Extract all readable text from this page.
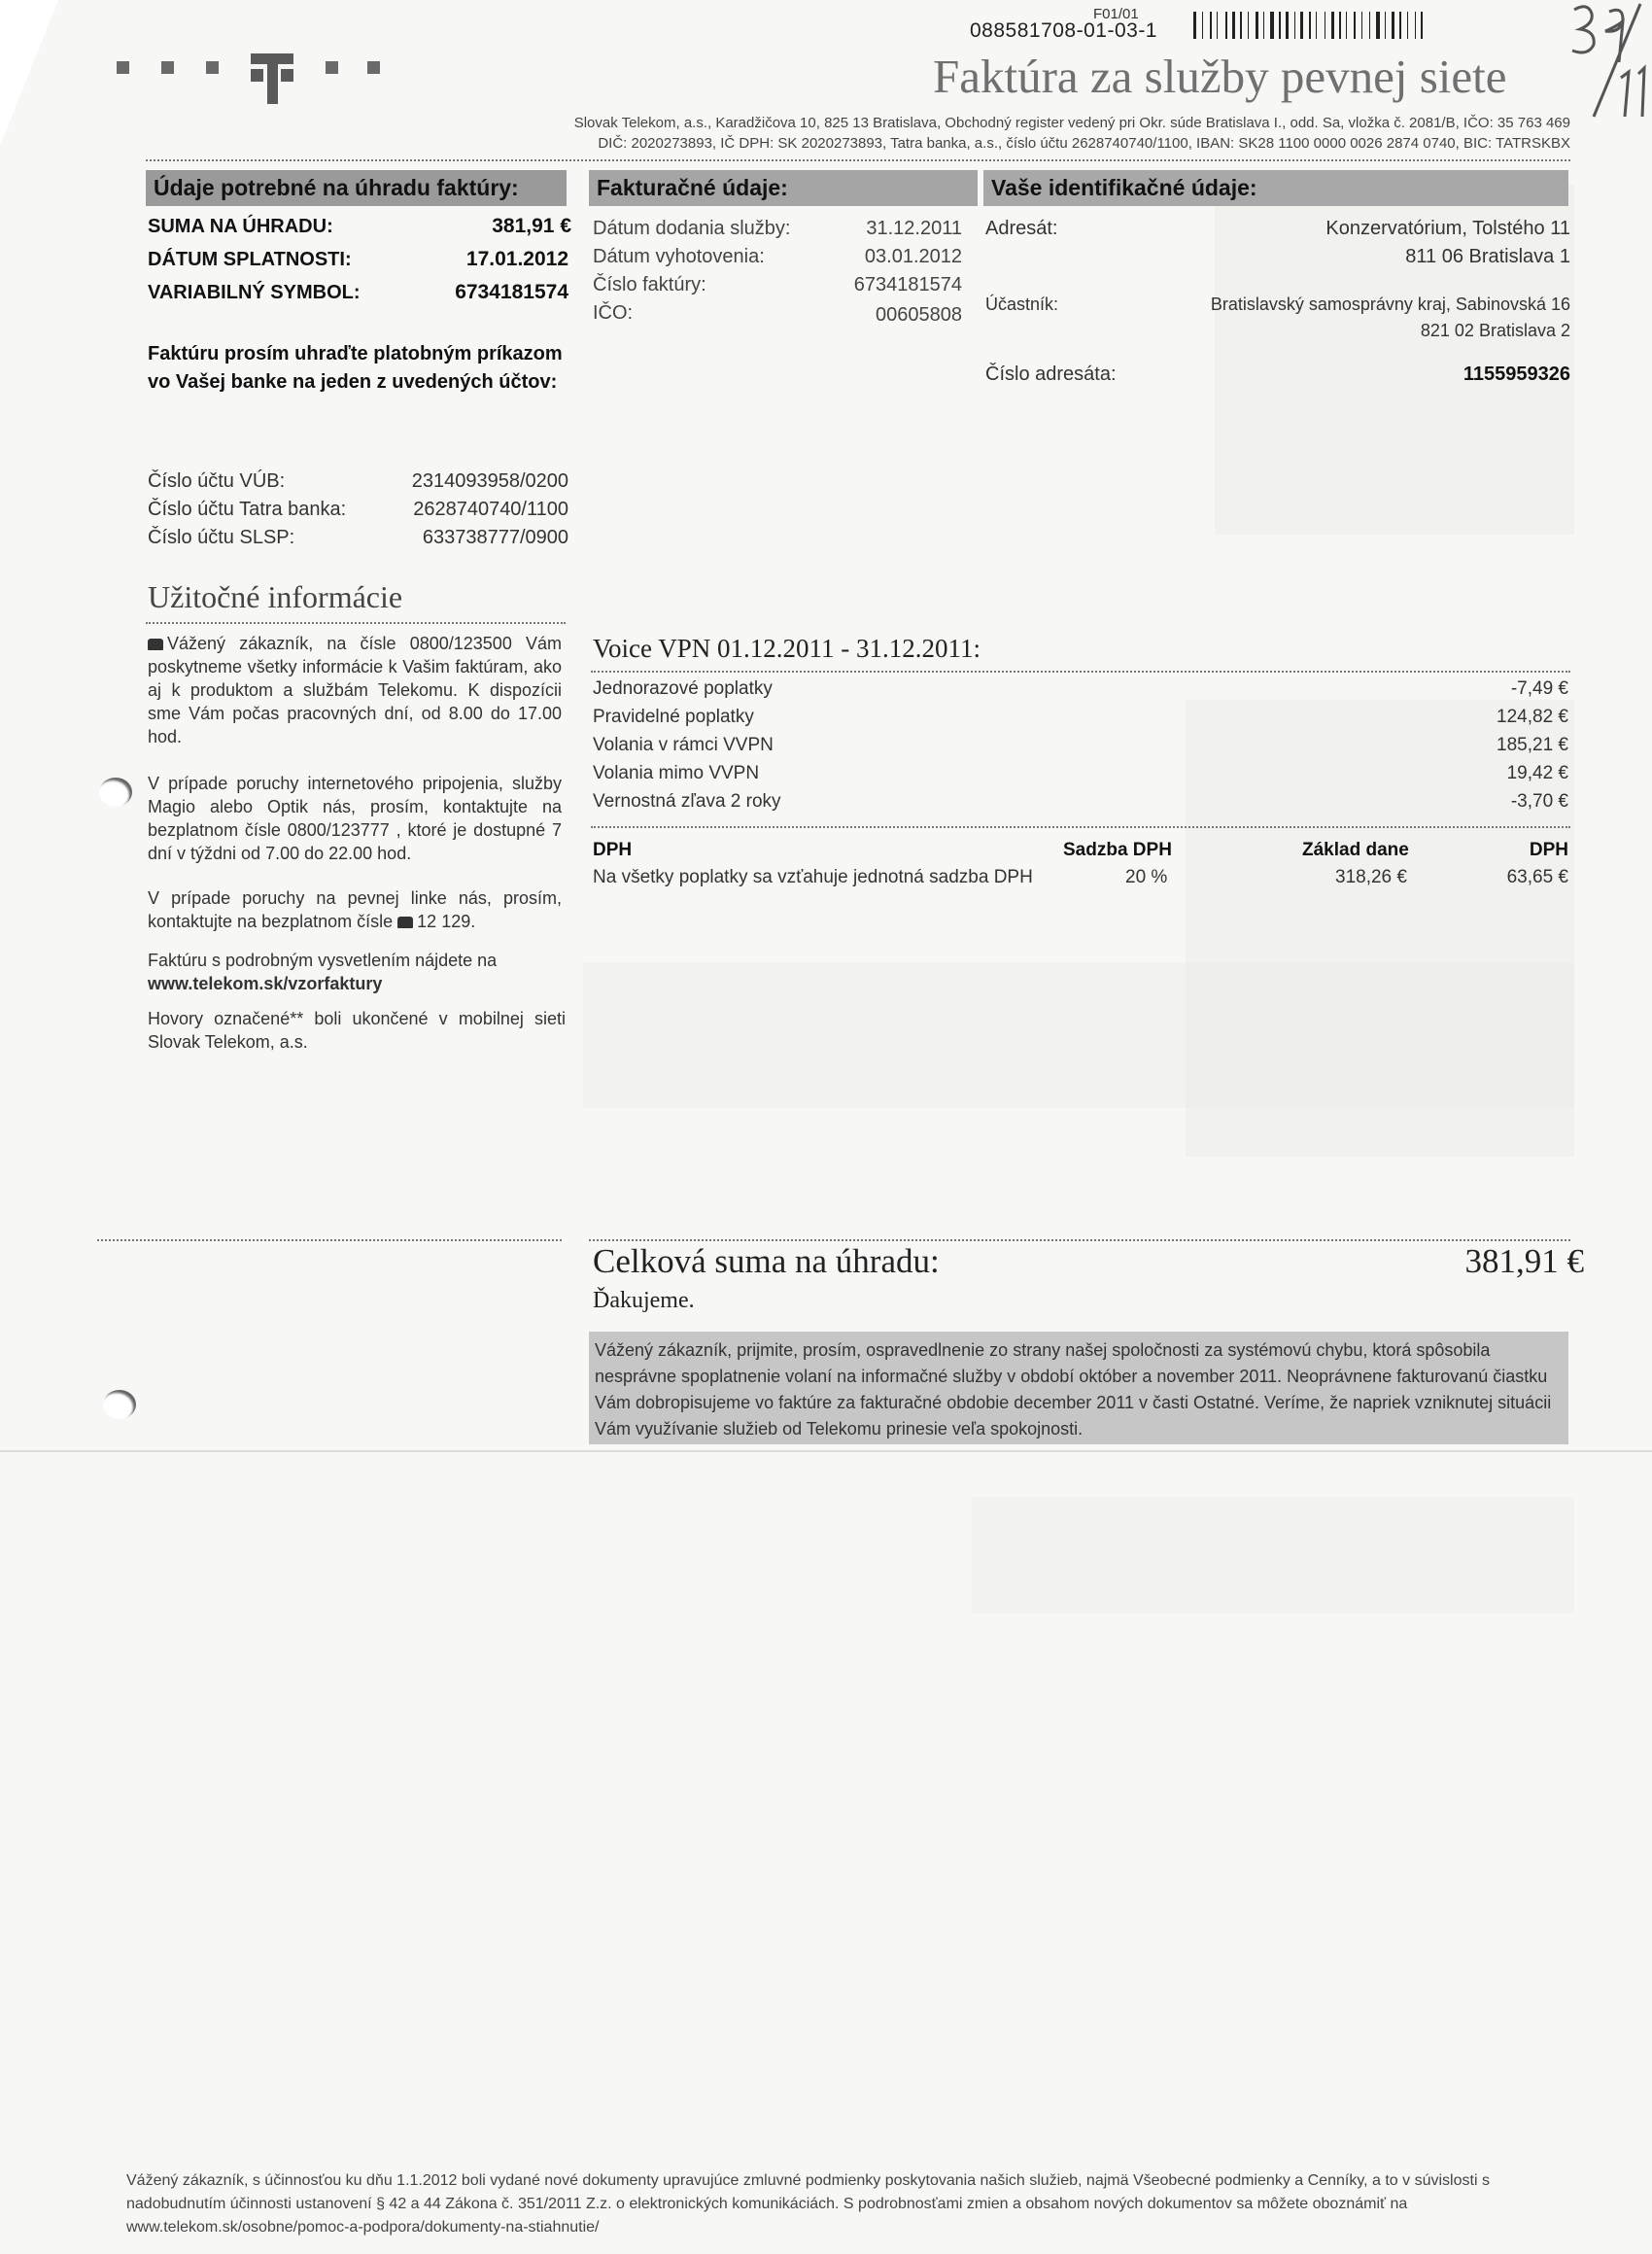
F01/01
088581708-01-03-1
Faktúra za služby pevnej siete
Slovak Telekom, a.s., Karadžičova 10, 825 13 Bratislava, Obchodný register vedený pri Okr. súde Bratislava I., odd. Sa, vložka č. 2081/B, IČO: 35 763 469
DIČ: 2020273893, IČ DPH: SK 2020273893, Tatra banka, a.s., číslo účtu 2628740740/1100, IBAN: SK28 1100 0000 0026 2874 0740, BIC: TATRSKBX
Údaje potrebné na úhradu faktúry:	Fakturačné údaje:	Vaše identifikačné údaje:
SUMA NA ÚHRADU:	381,91 €
DÁTUM SPLATNOSTI:	17.01.2012
VARIABILNÝ SYMBOL:	6734181574
Faktúru prosím uhraďte platobným príkazom vo Vašej banke na jeden z uvedených účtov:
Číslo účtu VÚB:	2314093958/0200
Číslo účtu Tatra banka:	2628740740/1100
Číslo účtu SLSP:	633738777/0900
Dátum dodania služby:	31.12.2011
Dátum vyhotovenia:	03.01.2012
Číslo faktúry:	6734181574
IČO:	00605808
Adresát:	Konzervatórium, Tolstého 11
811 06 Bratislava 1
Účastník:	Bratislavský samosprávny kraj, Sabinovská 16
821 02 Bratislava 2
Číslo adresáta:	1155959326
Užitočné informácie
Vážený zákazník, na čísle 0800/123500 Vám poskytneme všetky informácie k Vašim faktúram, ako aj k produktom a službám Telekomu. K dispozícii sme Vám počas pracovných dní, od 8.00 do 17.00 hod.
V prípade poruchy internetového pripojenia, služby Magio alebo Optik nás, prosím, kontaktujte na bezplatnom čísle 0800/123777 , ktoré je dostupné 7 dní v týždni od 7.00 do 22.00 hod.
V prípade poruchy na pevnej linke nás, prosím, kontaktujte na bezplatnom čísle 12 129.
Faktúru s podrobným vysvetlením nájdete na
www.telekom.sk/vzorfaktury
Hovory označené** boli ukončené v mobilnej sieti Slovak Telekom, a.s.
Voice VPN 01.12.2011 - 31.12.2011:
Jednorazové poplatky	-7,49 €
Pravidelné poplatky	124,82 €
Volania v rámci VVPN	185,21 €
Volania mimo VVPN	19,42 €
Vernostná zľava 2 roky	-3,70 €
DPH	Sadzba DPH	Základ dane	DPH
Na všetky poplatky sa vzťahuje jednotná sadzba DPH	20 %	318,26 €	63,65 €
Celková suma na úhradu:	381,91 €
Ďakujeme.
Vážený zákazník, prijmite, prosím, ospravedlnenie zo strany našej spoločnosti za systémovú chybu, ktorá spôsobila nesprávne spoplatnenie volaní na informačné služby v období október a november 2011. Neoprávnene fakturovanú čiastku Vám dobropisujeme vo faktúre za fakturačné obdobie december 2011 v časti Ostatné. Veríme, že napriek vzniknutej situácii Vám využívanie služieb od Telekomu prinesie veľa spokojnosti.
Vážený zákazník, s účinnosťou ku dňu 1.1.2012 boli vydané nové dokumenty upravujúce zmluvné podmienky poskytovania našich služieb, najmä Všeobecné podmienky a Cenníky, a to v súvislosti s nadobudnutím účinnosti ustanovení § 42 a 44 Zákona č. 351/2011 Z.z. o elektronických komunikáciách. S podrobnosťami zmien a obsahom nových dokumentov sa môžete oboznámiť na www.telekom.sk/osobne/pomoc-a-podpora/dokumenty-na-stiahnutie/
